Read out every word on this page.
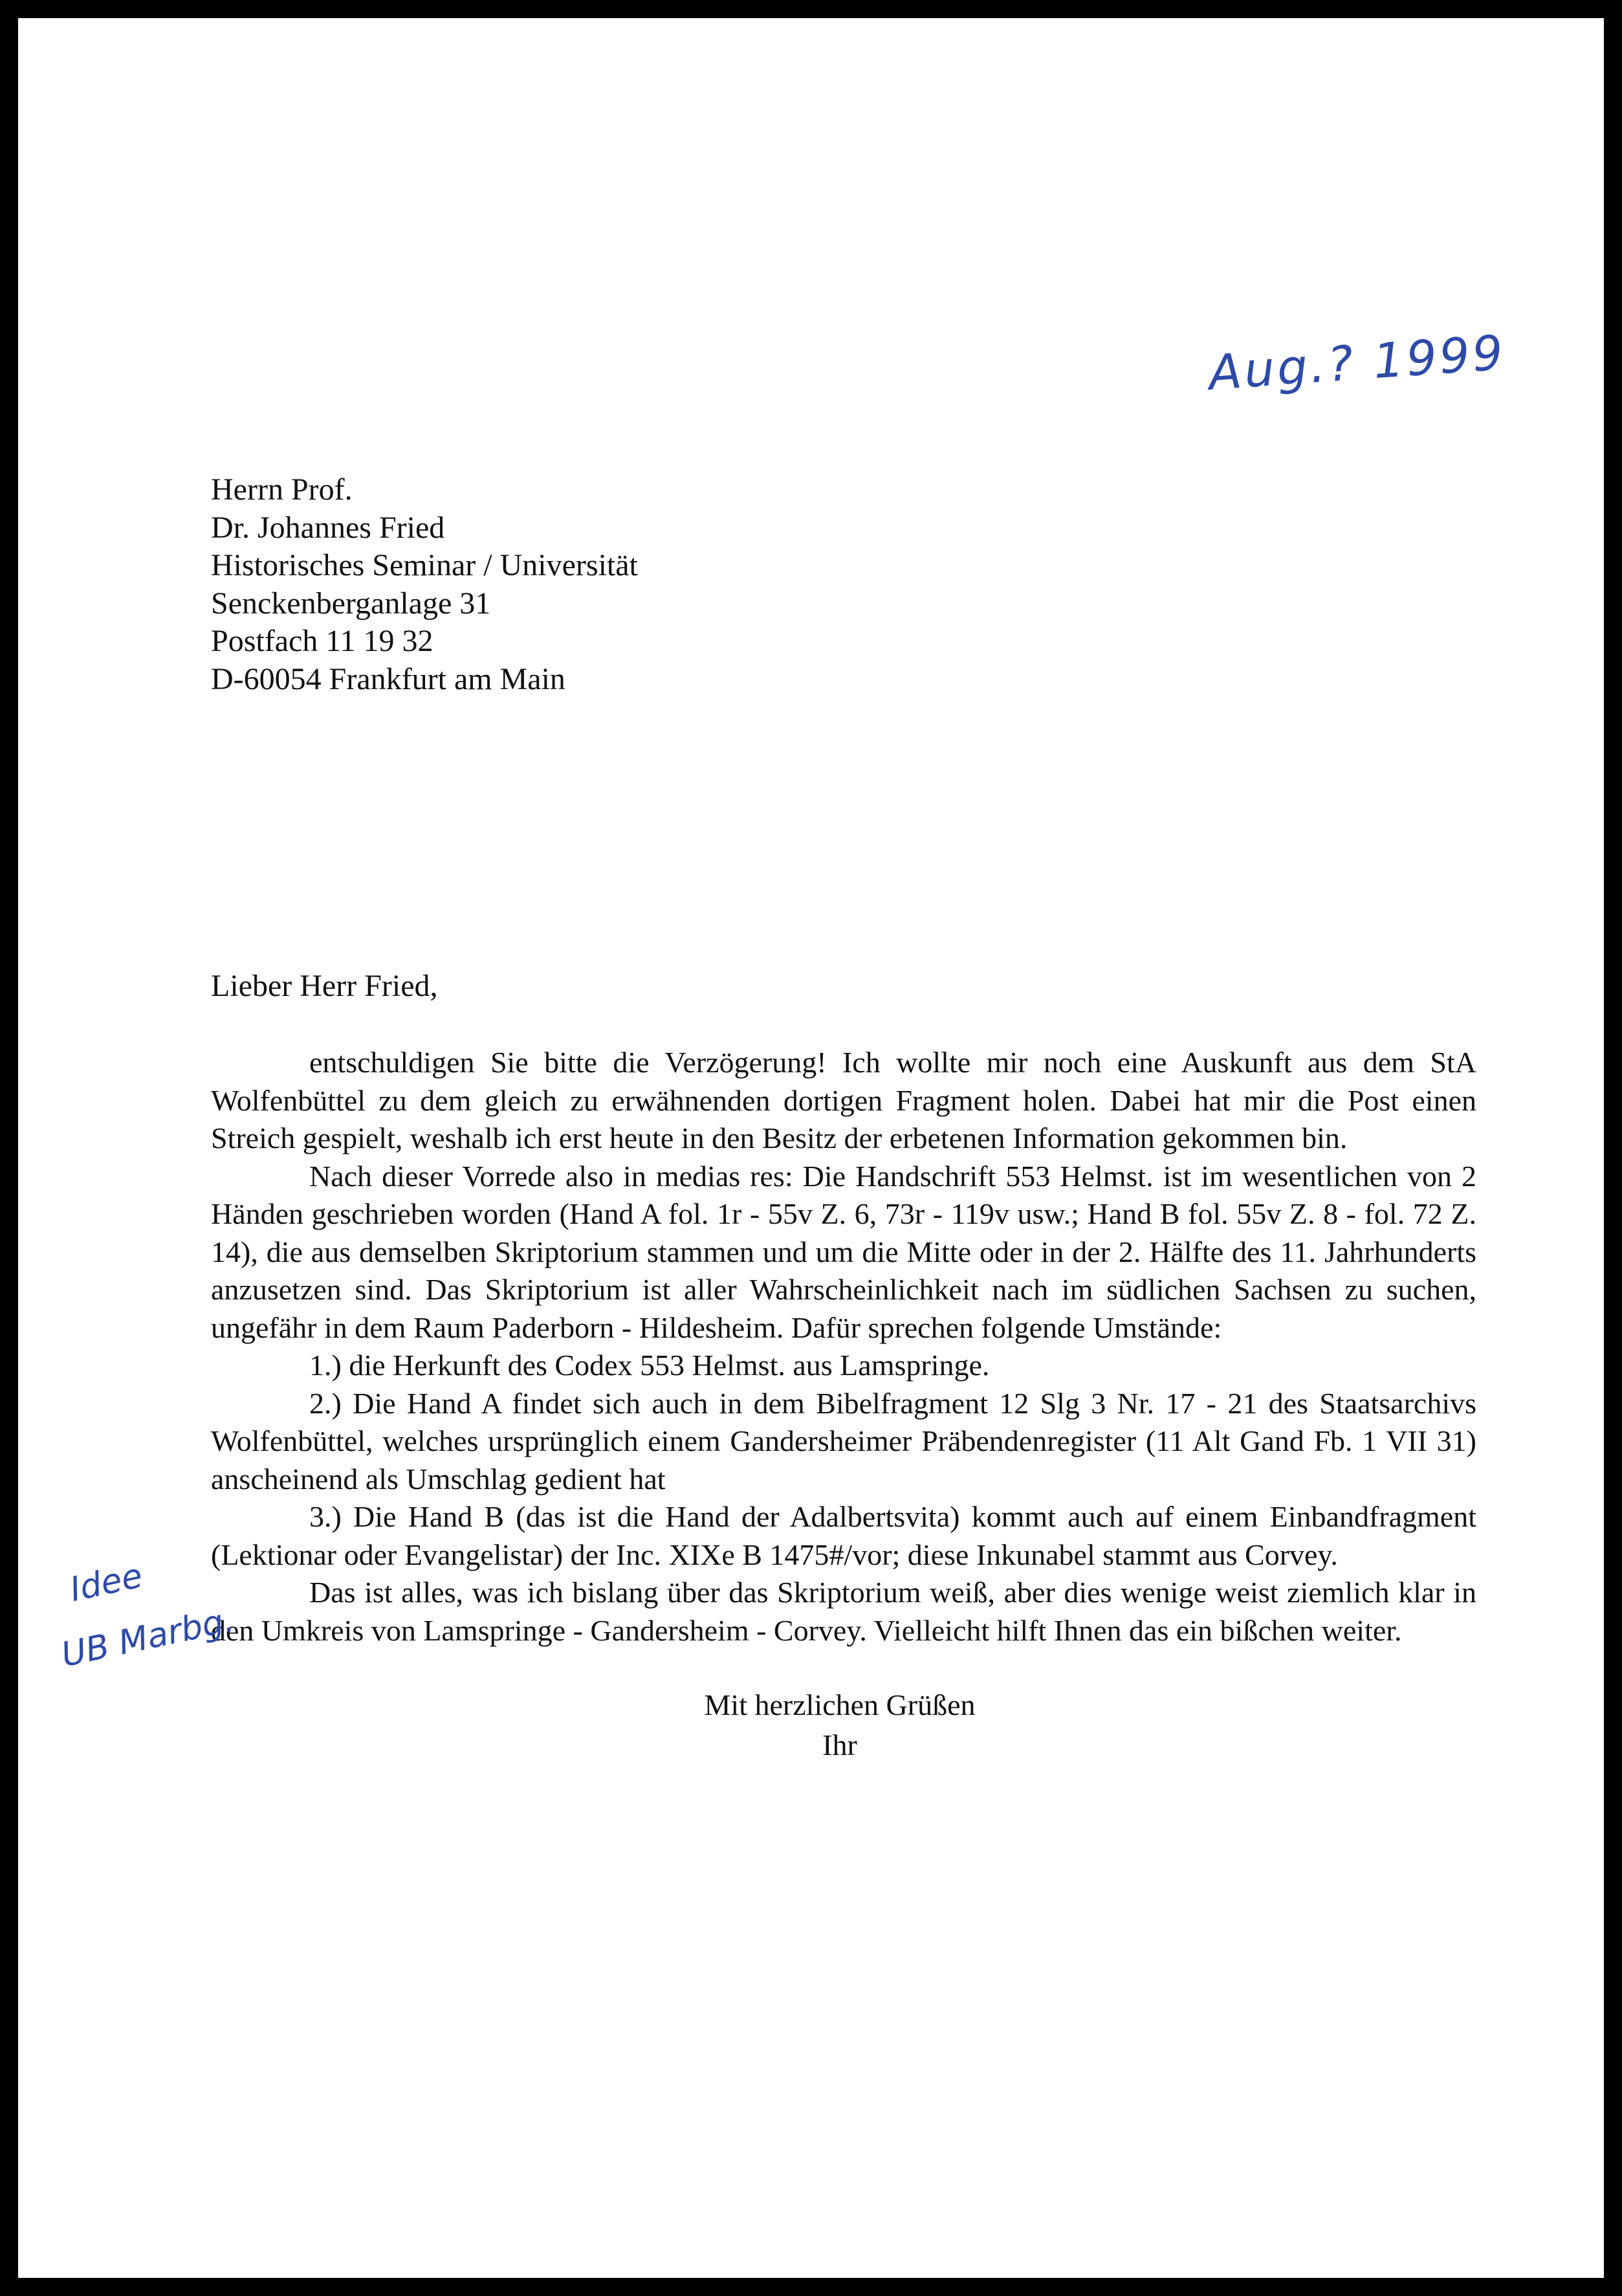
Aug.? 1999
Herrn Prof.
Dr. Johannes Fried
Historisches Seminar / Universität
Senckenberganlage 31
Postfach 11 19 32
D-60054 Frankfurt am Main
Lieber Herr Fried,

entschuldigen Sie bitte die Verzögerung! Ich wollte mir noch eine Auskunft aus dem StA Wolfenbüttel zu dem gleich zu erwähnenden dortigen Fragment holen. Dabei hat mir die Post einen Streich gespielt, weshalb ich erst heute in den Besitz der erbetenen Information gekommen bin.

Nach dieser Vorrede also in medias res: Die Handschrift 553 Helmst. ist im wesentlichen von 2 Händen geschrieben worden (Hand A fol. 1r - 55v Z. 6, 73r - 119v usw.; Hand B fol. 55v Z. 8 - fol. 72 Z. 14), die aus demselben Skriptorium stammen und um die Mitte oder in der 2. Hälfte des 11. Jahrhunderts anzusetzen sind. Das Skriptorium ist aller Wahrscheinlichkeit nach im südlichen Sachsen zu suchen, ungefähr in dem Raum Paderborn - Hildesheim. Dafür sprechen folgende Umstände:

1.) die Herkunft des Codex 553 Helmst. aus Lamspringe.

2.) Die Hand A findet sich auch in dem Bibelfragment 12 Slg 3 Nr. 17 - 21 des Staatsarchivs Wolfenbüttel, welches ursprünglich einem Gandersheimer Präbendenregister (11 Alt Gand Fb. 1 VII 31) anscheinend als Umschlag gedient hat

3.) Die Hand B (das ist die Hand der Adalbertsvita) kommt auch auf einem Einbandfragment (Lektionar oder Evangelistar) der Inc. XIXe B 1475#/vor; diese Inkunabel stammt aus Corvey.

Das ist alles, was ich bislang über das Skriptorium weiß, aber dies wenige weist ziemlich klar in den Umkreis von Lamspringe - Gandersheim - Corvey. Vielleicht hilft Ihnen das ein bißchen weiter.

Mit herzlichen Grüßen
Ihr
Idee
UB Marbg.
